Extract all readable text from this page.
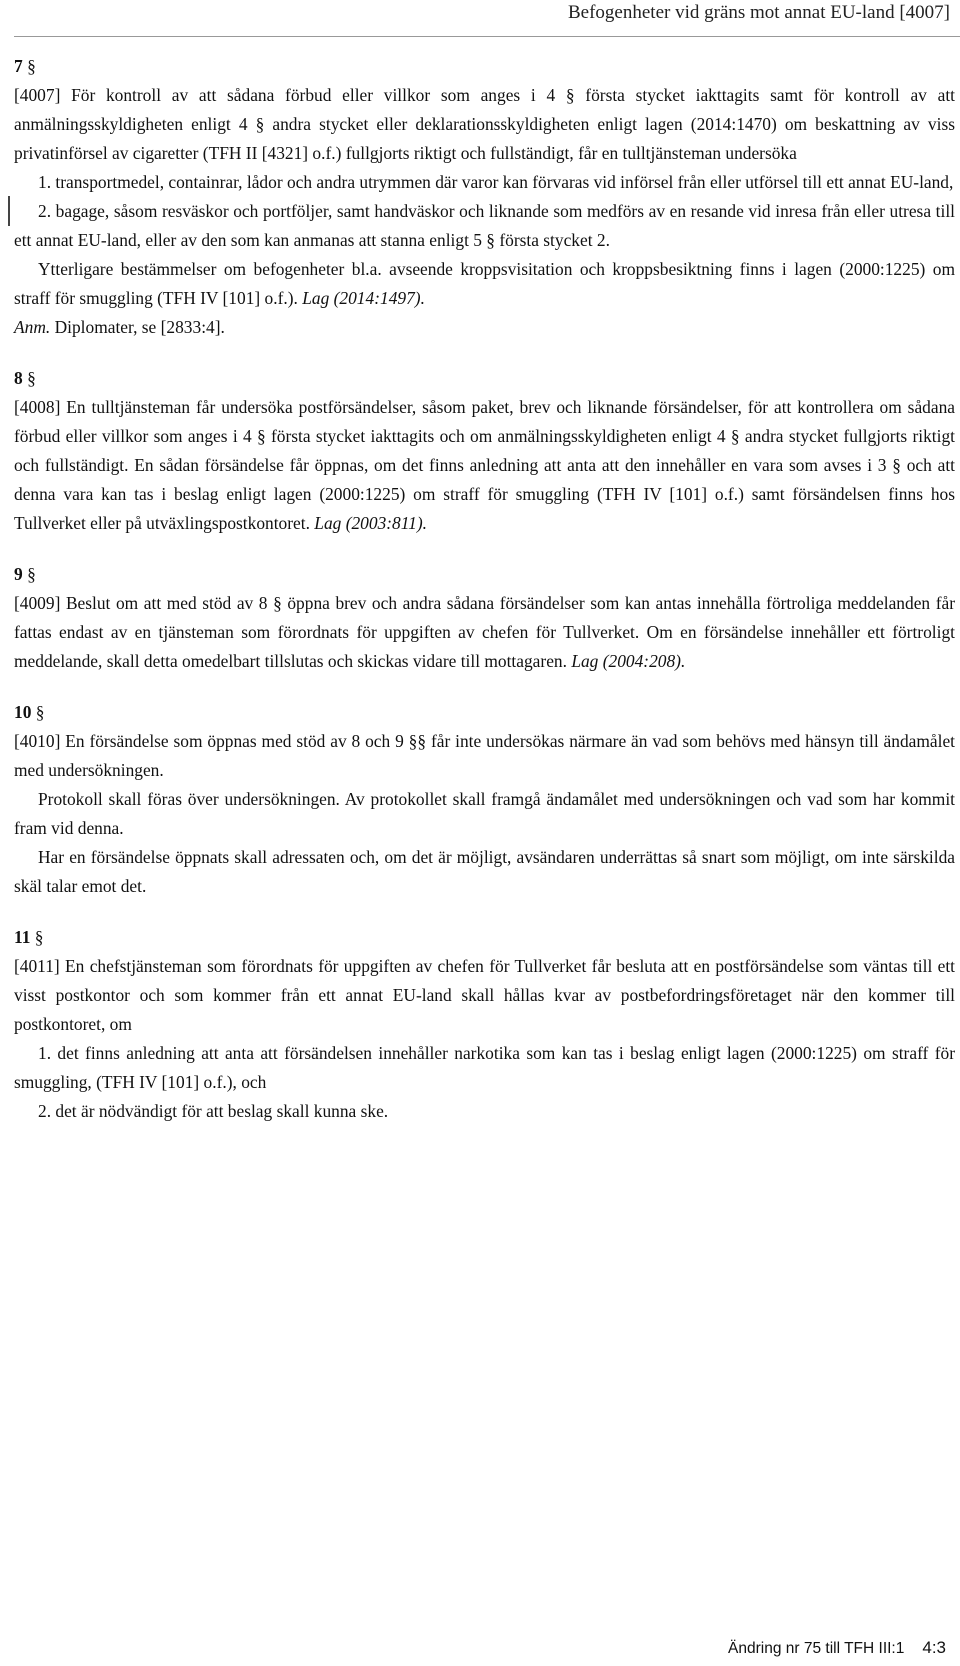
Befogenheter vid gräns mot annat EU-land [4007]
7 §

[4007] För kontroll av att sådana förbud eller villkor som anges i 4 § första stycket iakttagits samt för kontroll av att anmälningsskyldigheten enligt 4 § andra stycket eller deklarationsskyldigheten enligt lagen (2014:1470) om beskattning av viss privatinförsel av cigaretter (TFH II [4321] o.f.) fullgjorts riktigt och fullständigt, får en tulltjänsteman undersöka

1. transportmedel, containrar, lådor och andra utrymmen där varor kan förvaras vid införsel från eller utförsel till ett annat EU-land,

2. bagage, såsom resväskor och portföljer, samt handväskor och liknande som medförs av en resande vid inresa från eller utresa till ett annat EU-land, eller av den som kan anmanas att stanna enligt 5 § första stycket 2.

Ytterligare bestämmelser om befogenheter bl.a. avseende kroppsvisitation och kroppsbesiktning finns i lagen (2000:1225) om straff för smuggling (TFH IV [101] o.f.). Lag (2014:1497).

Anm. Diplomater, se [2833:4].

8 §

[4008] En tulltjänsteman får undersöka postförsändelser, såsom paket, brev och liknande försändelser, för att kontrollera om sådana förbud eller villkor som anges i 4 § första stycket iakttagits och om anmälningsskyldigheten enligt 4 § andra stycket fullgjorts riktigt och fullständigt. En sådan försändelse får öppnas, om det finns anledning att anta att den innehåller en vara som avses i 3 § och att denna vara kan tas i beslag enligt lagen (2000:1225) om straff för smuggling (TFH IV [101] o.f.) samt försändelsen finns hos Tullverket eller på utväxlingspostkontoret. Lag (2003:811).

9 §

[4009] Beslut om att med stöd av 8 § öppna brev och andra sådana försändelser som kan antas innehålla förtroliga meddelanden får fattas endast av en tjänsteman som förordnats för uppgiften av chefen för Tullverket. Om en försändelse innehåller ett förtroligt meddelande, skall detta omedelbart tillslutas och skickas vidare till mottagaren. Lag (2004:208).

10 §

[4010] En försändelse som öppnas med stöd av 8 och 9 §§ får inte undersökas närmare än vad som behövs med hänsyn till ändamålet med undersökningen.

Protokoll skall föras över undersökningen. Av protokollet skall framgå ändamålet med undersökningen och vad som har kommit fram vid denna.

Har en försändelse öppnats skall adressaten och, om det är möjligt, avsändaren underrättas så snart som möjligt, om inte särskilda skäl talar emot det.

11 §

[4011] En chefstjänsteman som förordnats för uppgiften av chefen för Tullverket får besluta att en postförsändelse som väntas till ett visst postkontor och som kommer från ett annat EU-land skall hållas kvar av postbefordringsföretaget när den kommer till postkontoret, om

1. det finns anledning att anta att försändelsen innehåller narkotika som kan tas i beslag enligt lagen (2000:1225) om straff för smuggling, (TFH IV [101] o.f.), och

2. det är nödvändigt för att beslag skall kunna ske.

Ändring nr 75 till TFH III:1 4:3
